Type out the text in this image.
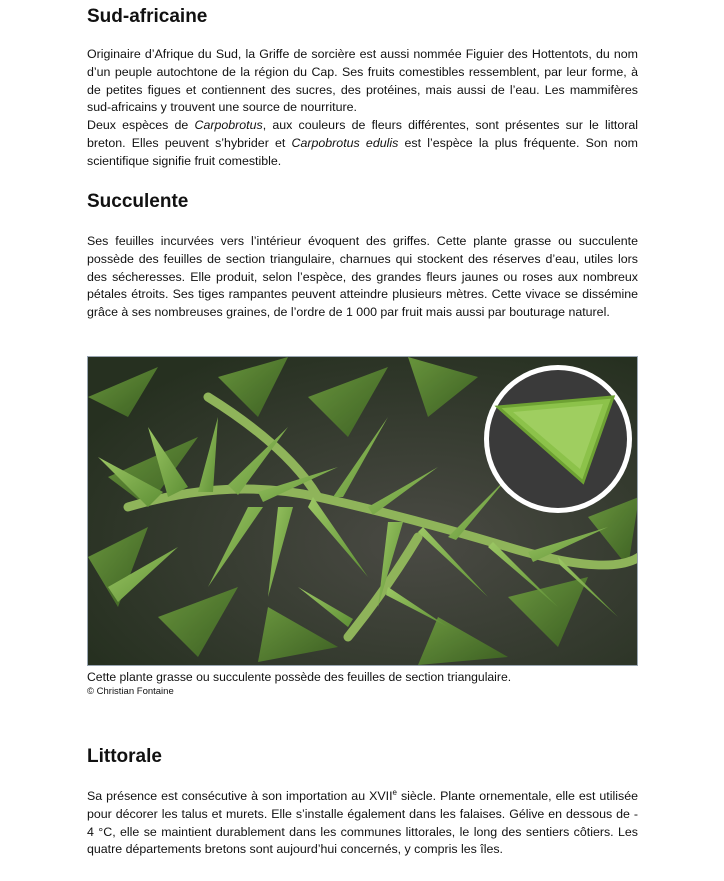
Sud-africaine

Originaire d’Afrique du Sud, la Griffe de sorcière est aussi nommée Figuier des Hottentots, du nom d’un peuple autochtone de la région du Cap. Ses fruits comestibles ressemblent, par leur forme, à de petites figues et contiennent des sucres, des protéines, mais aussi de l’eau. Les mammifères sud-africains y trouvent une source de nourriture.

Deux espèces de Carpobrotus, aux couleurs de fleurs différentes, sont présentes sur le littoral breton. Elles peuvent s’hybrider et Carpobrotus edulis est l’espèce la plus fréquente. Son nom scientifique signifie fruit comestible.

Succulente

Ses feuilles incurvées vers l’intérieur évoquent des griffes. Cette plante grasse ou succulente possède des feuilles de section triangulaire, charnues qui stockent des réserves d’eau, utiles lors des sécheresses. Elle produit, selon l’espèce, des grandes fleurs jaunes ou roses aux nombreux pétales étroits. Ses tiges rampantes peuvent atteindre plusieurs mètres. Cette vivace se dissémine grâce à ses nombreuses graines, de l’ordre de 1 000 par fruit mais aussi par bouturage naturel.

Cette plante grasse ou succulente possède des feuilles de section triangulaire.
© Christian Fontaine
Littorale

Sa présence est consécutive à son importation au XVIIe siècle. Plante ornementale, elle est utilisée pour décorer les talus et murets. Elle s’installe également dans les falaises. Gélive en dessous de - 4 °C, elle se maintient durablement dans les communes littorales, le long des sentiers côtiers. Les quatre départements bretons sont aujourd’hui concernés, y compris les îles.
